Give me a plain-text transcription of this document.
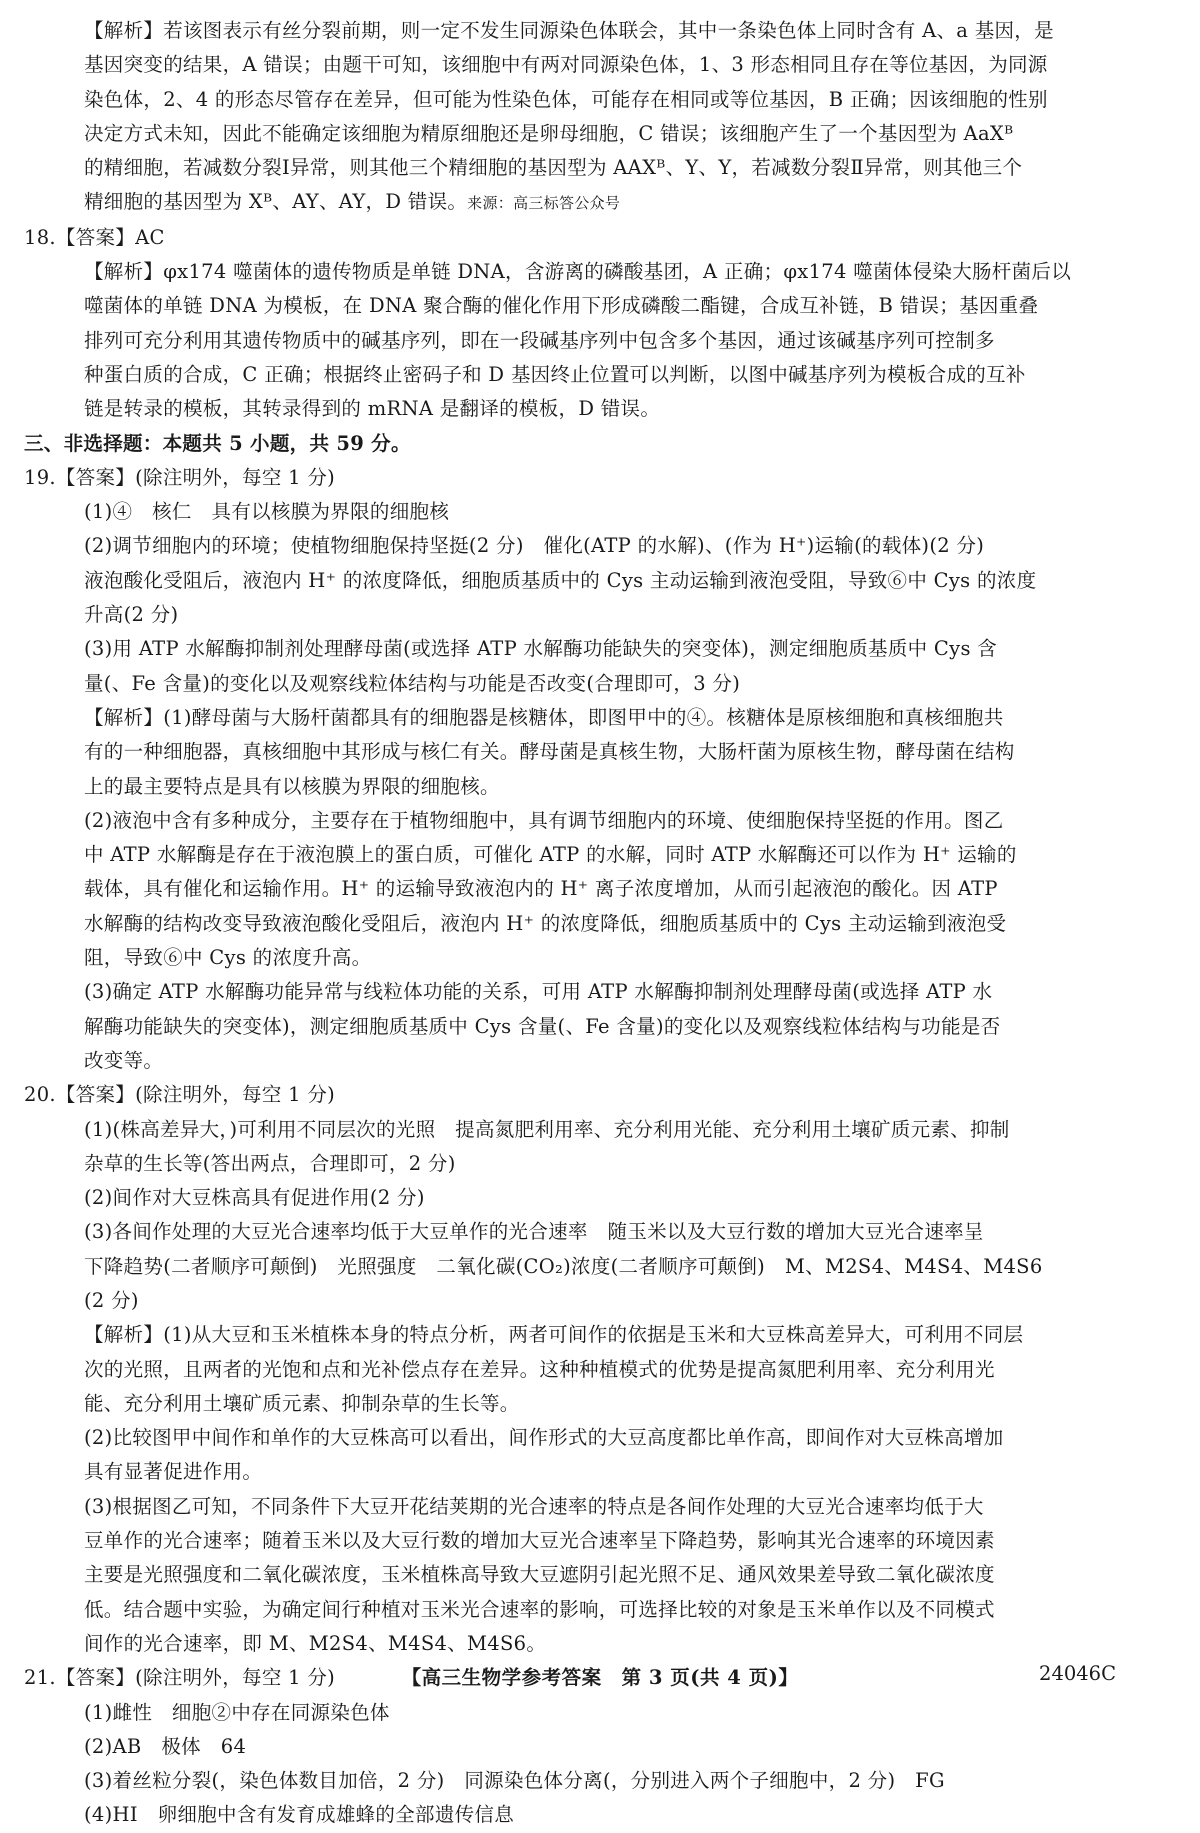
【解析】若该图表示有丝分裂前期，则一定不发生同源染色体联会，其中一条染色体上同时含有 A、a 基因，是
基因突变的结果，A 错误；由题干可知，该细胞中有两对同源染色体，1、3 形态相同且存在等位基因，为同源
染色体，2、4 的形态尽管存在差异，但可能为性染色体，可能存在相同或等位基因，B 正确；因该细胞的性别
决定方式未知，因此不能确定该细胞为精原细胞还是卵母细胞，C 错误；该细胞产生了一个基因型为 AaXᴮ
的精细胞，若减数分裂Ⅰ异常，则其他三个精细胞的基因型为 AAXᴮ、Y、Y，若减数分裂Ⅱ异常，则其他三个
精细胞的基因型为 Xᴮ、AY、AY，D 错误。来源：高三标答公众号
18.【答案】AC
【解析】φx174 噬菌体的遗传物质是单链 DNA，含游离的磷酸基团，A 正确；φx174 噬菌体侵染大肠杆菌后以
噬菌体的单链 DNA 为模板，在 DNA 聚合酶的催化作用下形成磷酸二酯键，合成互补链，B 错误；基因重叠
排列可充分利用其遗传物质中的碱基序列，即在一段碱基序列中包含多个基因，通过该碱基序列可控制多
种蛋白质的合成，C 正确；根据终止密码子和 D 基因终止位置可以判断，以图中碱基序列为模板合成的互补
链是转录的模板，其转录得到的 mRNA 是翻译的模板，D 错误。
三、非选择题：本题共 5 小题，共 59 分。
19.【答案】(除注明外，每空 1 分)
(1)④　核仁　具有以核膜为界限的细胞核
(2)调节细胞内的环境；使植物细胞保持坚挺(2 分)　催化(ATP 的水解)、(作为 H⁺)运输(的载体)(2 分)
液泡酸化受阻后，液泡内 H⁺ 的浓度降低，细胞质基质中的 Cys 主动运输到液泡受阻，导致⑥中 Cys 的浓度
升高(2 分)
(3)用 ATP 水解酶抑制剂处理酵母菌(或选择 ATP 水解酶功能缺失的突变体)，测定细胞质基质中 Cys 含
量(、Fe 含量)的变化以及观察线粒体结构与功能是否改变(合理即可，3 分)
【解析】(1)酵母菌与大肠杆菌都具有的细胞器是核糖体，即图甲中的④。核糖体是原核细胞和真核细胞共
有的一种细胞器，真核细胞中其形成与核仁有关。酵母菌是真核生物，大肠杆菌为原核生物，酵母菌在结构
上的最主要特点是具有以核膜为界限的细胞核。
(2)液泡中含有多种成分，主要存在于植物细胞中，具有调节细胞内的环境、使细胞保持坚挺的作用。图乙
中 ATP 水解酶是存在于液泡膜上的蛋白质，可催化 ATP 的水解，同时 ATP 水解酶还可以作为 H⁺ 运输的
载体，具有催化和运输作用。H⁺ 的运输导致液泡内的 H⁺ 离子浓度增加，从而引起液泡的酸化。因 ATP
水解酶的结构改变导致液泡酸化受阻后，液泡内 H⁺ 的浓度降低，细胞质基质中的 Cys 主动运输到液泡受
阻，导致⑥中 Cys 的浓度升高。
(3)确定 ATP 水解酶功能异常与线粒体功能的关系，可用 ATP 水解酶抑制剂处理酵母菌(或选择 ATP 水
解酶功能缺失的突变体)，测定细胞质基质中 Cys 含量(、Fe 含量)的变化以及观察线粒体结构与功能是否
改变等。
20.【答案】(除注明外，每空 1 分)
(1)(株高差异大，)可利用不同层次的光照　提高氮肥利用率、充分利用光能、充分利用土壤矿质元素、抑制
杂草的生长等(答出两点，合理即可，2 分)
(2)间作对大豆株高具有促进作用(2 分)
(3)各间作处理的大豆光合速率均低于大豆单作的光合速率　随玉米以及大豆行数的增加大豆光合速率呈
下降趋势(二者顺序可颠倒)　光照强度　二氧化碳(CO₂)浓度(二者顺序可颠倒)　M、M2S4、M4S4、M4S6
(2 分)
【解析】(1)从大豆和玉米植株本身的特点分析，两者可间作的依据是玉米和大豆株高差异大，可利用不同层
次的光照，且两者的光饱和点和光补偿点存在差异。这种种植模式的优势是提高氮肥利用率、充分利用光
能、充分利用土壤矿质元素、抑制杂草的生长等。
(2)比较图甲中间作和单作的大豆株高可以看出，间作形式的大豆高度都比单作高，即间作对大豆株高增加
具有显著促进作用。
(3)根据图乙可知，不同条件下大豆开花结荚期的光合速率的特点是各间作处理的大豆光合速率均低于大
豆单作的光合速率；随着玉米以及大豆行数的增加大豆光合速率呈下降趋势，影响其光合速率的环境因素
主要是光照强度和二氧化碳浓度，玉米植株高导致大豆遮阴引起光照不足、通风效果差导致二氧化碳浓度
低。结合题中实验，为确定间行种植对玉米光合速率的影响，可选择比较的对象是玉米单作以及不同模式
间作的光合速率，即 M、M2S4、M4S4、M4S6。
21.【答案】(除注明外，每空 1 分)
(1)雌性　细胞②中存在同源染色体
(2)AB　极体　64
(3)着丝粒分裂(，染色体数目加倍，2 分)　同源染色体分离(，分别进入两个子细胞中，2 分)　FG
(4)HI　卵细胞中含有发育成雄蜂的全部遗传信息
【高三生物学参考答案　第 3 页(共 4 页)】	24046C
